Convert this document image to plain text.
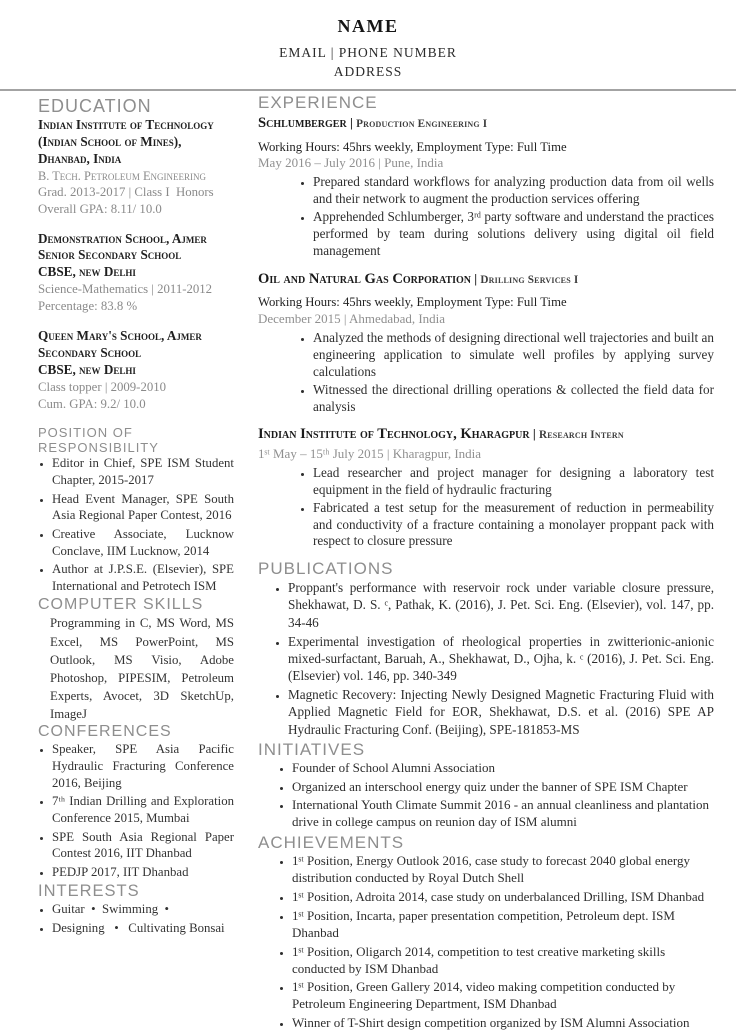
NAME
EMAIL | PHONE NUMBER
ADDRESS
EDUCATION
Indian Institute of Technology (Indian School of Mines), Dhanbad, India
B. Tech. Petroleum Engineering
Grad. 2013-2017 | Class I  Honors
Overall GPA: 8.11/ 10.0
Demonstration School, Ajmer
Senior Secondary School
CBSE, new Delhi
Science-Mathematics | 2011-2012
Percentage: 83.8 %
Queen Mary's School, Ajmer
Secondary School
CBSE, new Delhi
Class topper | 2009-2010
Cum. GPA: 9.2/ 10.0
POSITION OF RESPONSIBILITY
• Editor in Chief, SPE ISM Student Chapter, 2015-2017
• Head Event Manager, SPE South Asia Regional Paper Contest, 2016
• Creative Associate, Lucknow Conclave, IIM Lucknow, 2014
• Author at J.P.S.E. (Elsevier), SPE International and Petrotech ISM
COMPUTER SKILLS

Programming in C, MS Word, MS Excel, MS PowerPoint, MS Outlook, MS Visio, Adobe Photoshop, PIPESIM, Petroleum Experts, Avocet, 3D SketchUp, ImageJ

CONFERENCES
• Speaker, SPE Asia Pacific Hydraulic Fracturing Conference 2016, Beijing
• 7ᵗʰ Indian Drilling and Exploration Conference 2015, Mumbai
• SPE South Asia Regional Paper Contest 2016, IIT Dhanbad
• PEDJP 2017, IIT Dhanbad
INTERESTS
• Guitar  •  Swimming  •
• Designing   •   Cultivating Bonsai
EXPERIENCE
Schlumberger | Production Engineering I
Working Hours: 45hrs weekly, Employment Type: Full Time
May 2016 – July 2016 | Pune, India
• Prepared standard workflows for analyzing production data from oil wells and their network to augment the production services offering
• Apprehended Schlumberger, 3ʳᵈ party software and understand the practices performed by team during solutions delivery using digital oil field management
Oil and Natural Gas Corporation | Drilling Services I
Working Hours: 45hrs weekly, Employment Type: Full Time
December 2015 | Ahmedabad, India
• Analyzed the methods of designing directional well trajectories and built an engineering application to simulate well profiles by applying survey calculations
• Witnessed the directional drilling operations & collected the field data for analysis
Indian Institute of Technology, Kharagpur | Research Intern
1ˢᵗ May – 15ᵗʰ July 2015 | Kharagpur, India
• Lead researcher and project manager for designing a laboratory test equipment in the field of hydraulic fracturing
• Fabricated a test setup for the measurement of reduction in permeability and conductivity of a fracture containing a monolayer proppant pack with respect to closure pressure
PUBLICATIONS
• Proppant's performance with reservoir rock under variable closure pressure, Shekhawat, D. S. ᶜ, Pathak, K. (2016), J. Pet. Sci. Eng. (Elsevier), vol. 147, pp. 34-46
• Experimental investigation of rheological properties in zwitterionic-anionic mixed-surfactant, Baruah, A., Shekhawat, D., Ojha, k. ᶜ (2016), J. Pet. Sci. Eng. (Elsevier) vol. 146, pp. 340-349
• Magnetic Recovery: Injecting Newly Designed Magnetic Fracturing Fluid with Applied Magnetic Field for EOR, Shekhawat, D.S. et al. (2016) SPE AP Hydraulic Fracturing Conf. (Beijing), SPE-181853-MS
INITIATIVES
• Founder of School Alumni Association
• Organized an interschool energy quiz under the banner of SPE ISM Chapter
• International Youth Climate Summit 2016 - an annual cleanliness and plantation drive in college campus on reunion day of ISM alumni
ACHIEVEMENTS
• 1ˢᵗ Position, Energy Outlook 2016, case study to forecast 2040 global energy distribution conducted by Royal Dutch Shell
• 1ˢᵗ Position, Adroita 2014, case study on underbalanced Drilling, ISM Dhanbad
• 1ˢᵗ Position, Incarta, paper presentation competition, Petroleum dept. ISM Dhanbad
• 1ˢᵗ Position, Oligarch 2014, competition to test creative marketing skills conducted by ISM Dhanbad
• 1ˢᵗ Position, Green Gallery 2014, video making competition conducted by Petroleum Engineering Department, ISM Dhanbad
• Winner of T-Shirt design competition organized by ISM Alumni Association
